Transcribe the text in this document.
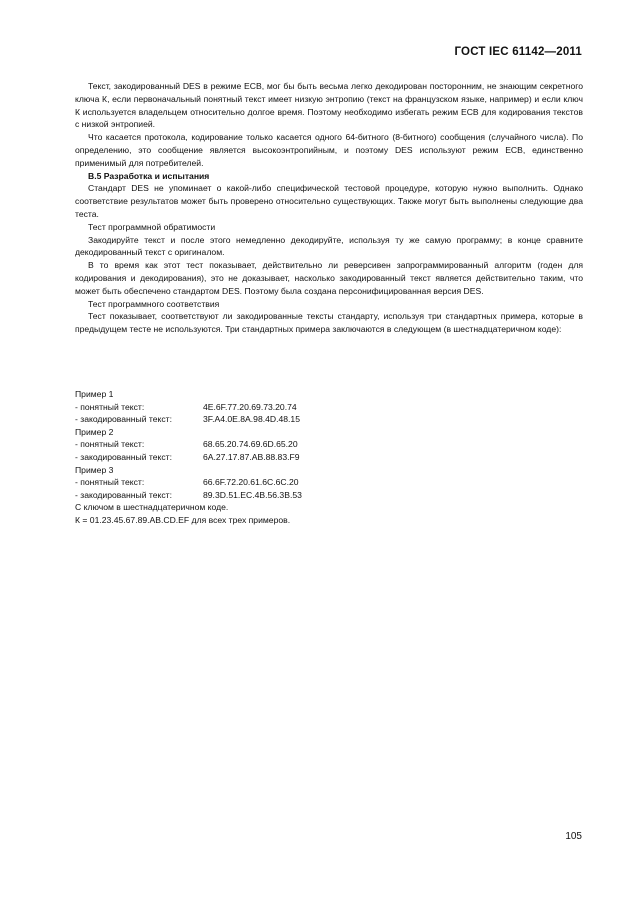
ГОСТ IEC 61142—2011

Текст, закодированный DES в режиме ЕСВ, мог бы быть весьма легко декодирован посторонним, не знающим секретного ключа К, если первоначальный понятный текст имеет низкую энтропию (текст на французском языке, например) и если ключ К используется владельцем относительно долгое время. Поэтому необходимо избегать режим ЕСВ для кодирования текстов с низкой энтропией.

Что касается протокола, кодирование только касается одного 64-битного (8-битного) сообщения (случайного числа). По определению, это сообщение является высокоэнтропийным, и поэтому DES используют режим ЕСВ, единственно применимый для потребителей.

В.5 Разработка и испытания

Стандарт DES не упоминает о какой-либо специфической тестовой процедуре, которую нужно выполнить. Однако соответствие результатов может быть проверено относительно существующих. Также могут быть выполнены следующие два теста.

Тест программной обратимости

Закодируйте текст и после этого немедленно декодируйте, используя ту же самую программу; в конце сравните декодированный текст с оригиналом.

В то время как этот тест показывает, действительно ли реверсивен запрограммированный алгоритм (годен для кодирования и декодирования), это не доказывает, насколько закодированный текст является действительно таким, что может быть обеспечено стандартом DES. Поэтому была создана персонифицированная версия DES.

Тест программного соответствия

Тест показывает, соответствуют ли закодированные тексты стандарту, используя три стандартных примера, которые в предыдущем тесте не используются. Три стандартных примера заключаются в следующем (в шестнадцатеричном коде):

Пример 1
- понятный текст:	4E.6F.77.20.69.73.20.74
- закодированный текст:	3F.A4.0E.8A.98.4D.48.15
Пример 2
- понятный текст:	68.65.20.74.69.6D.65.20
- закодированный текст:	6A.27.17.87.AB.88.83.F9
Пример 3
- понятный текст:	66.6F.72.20.61.6C.6C.20
- закодированный текст:	89.3D.51.EC.4B.56.3B.53
С ключом в шестнадцатеричном коде.
К = 01.23.45.67.89.AB.CD.EF для всех трех примеров.
105
